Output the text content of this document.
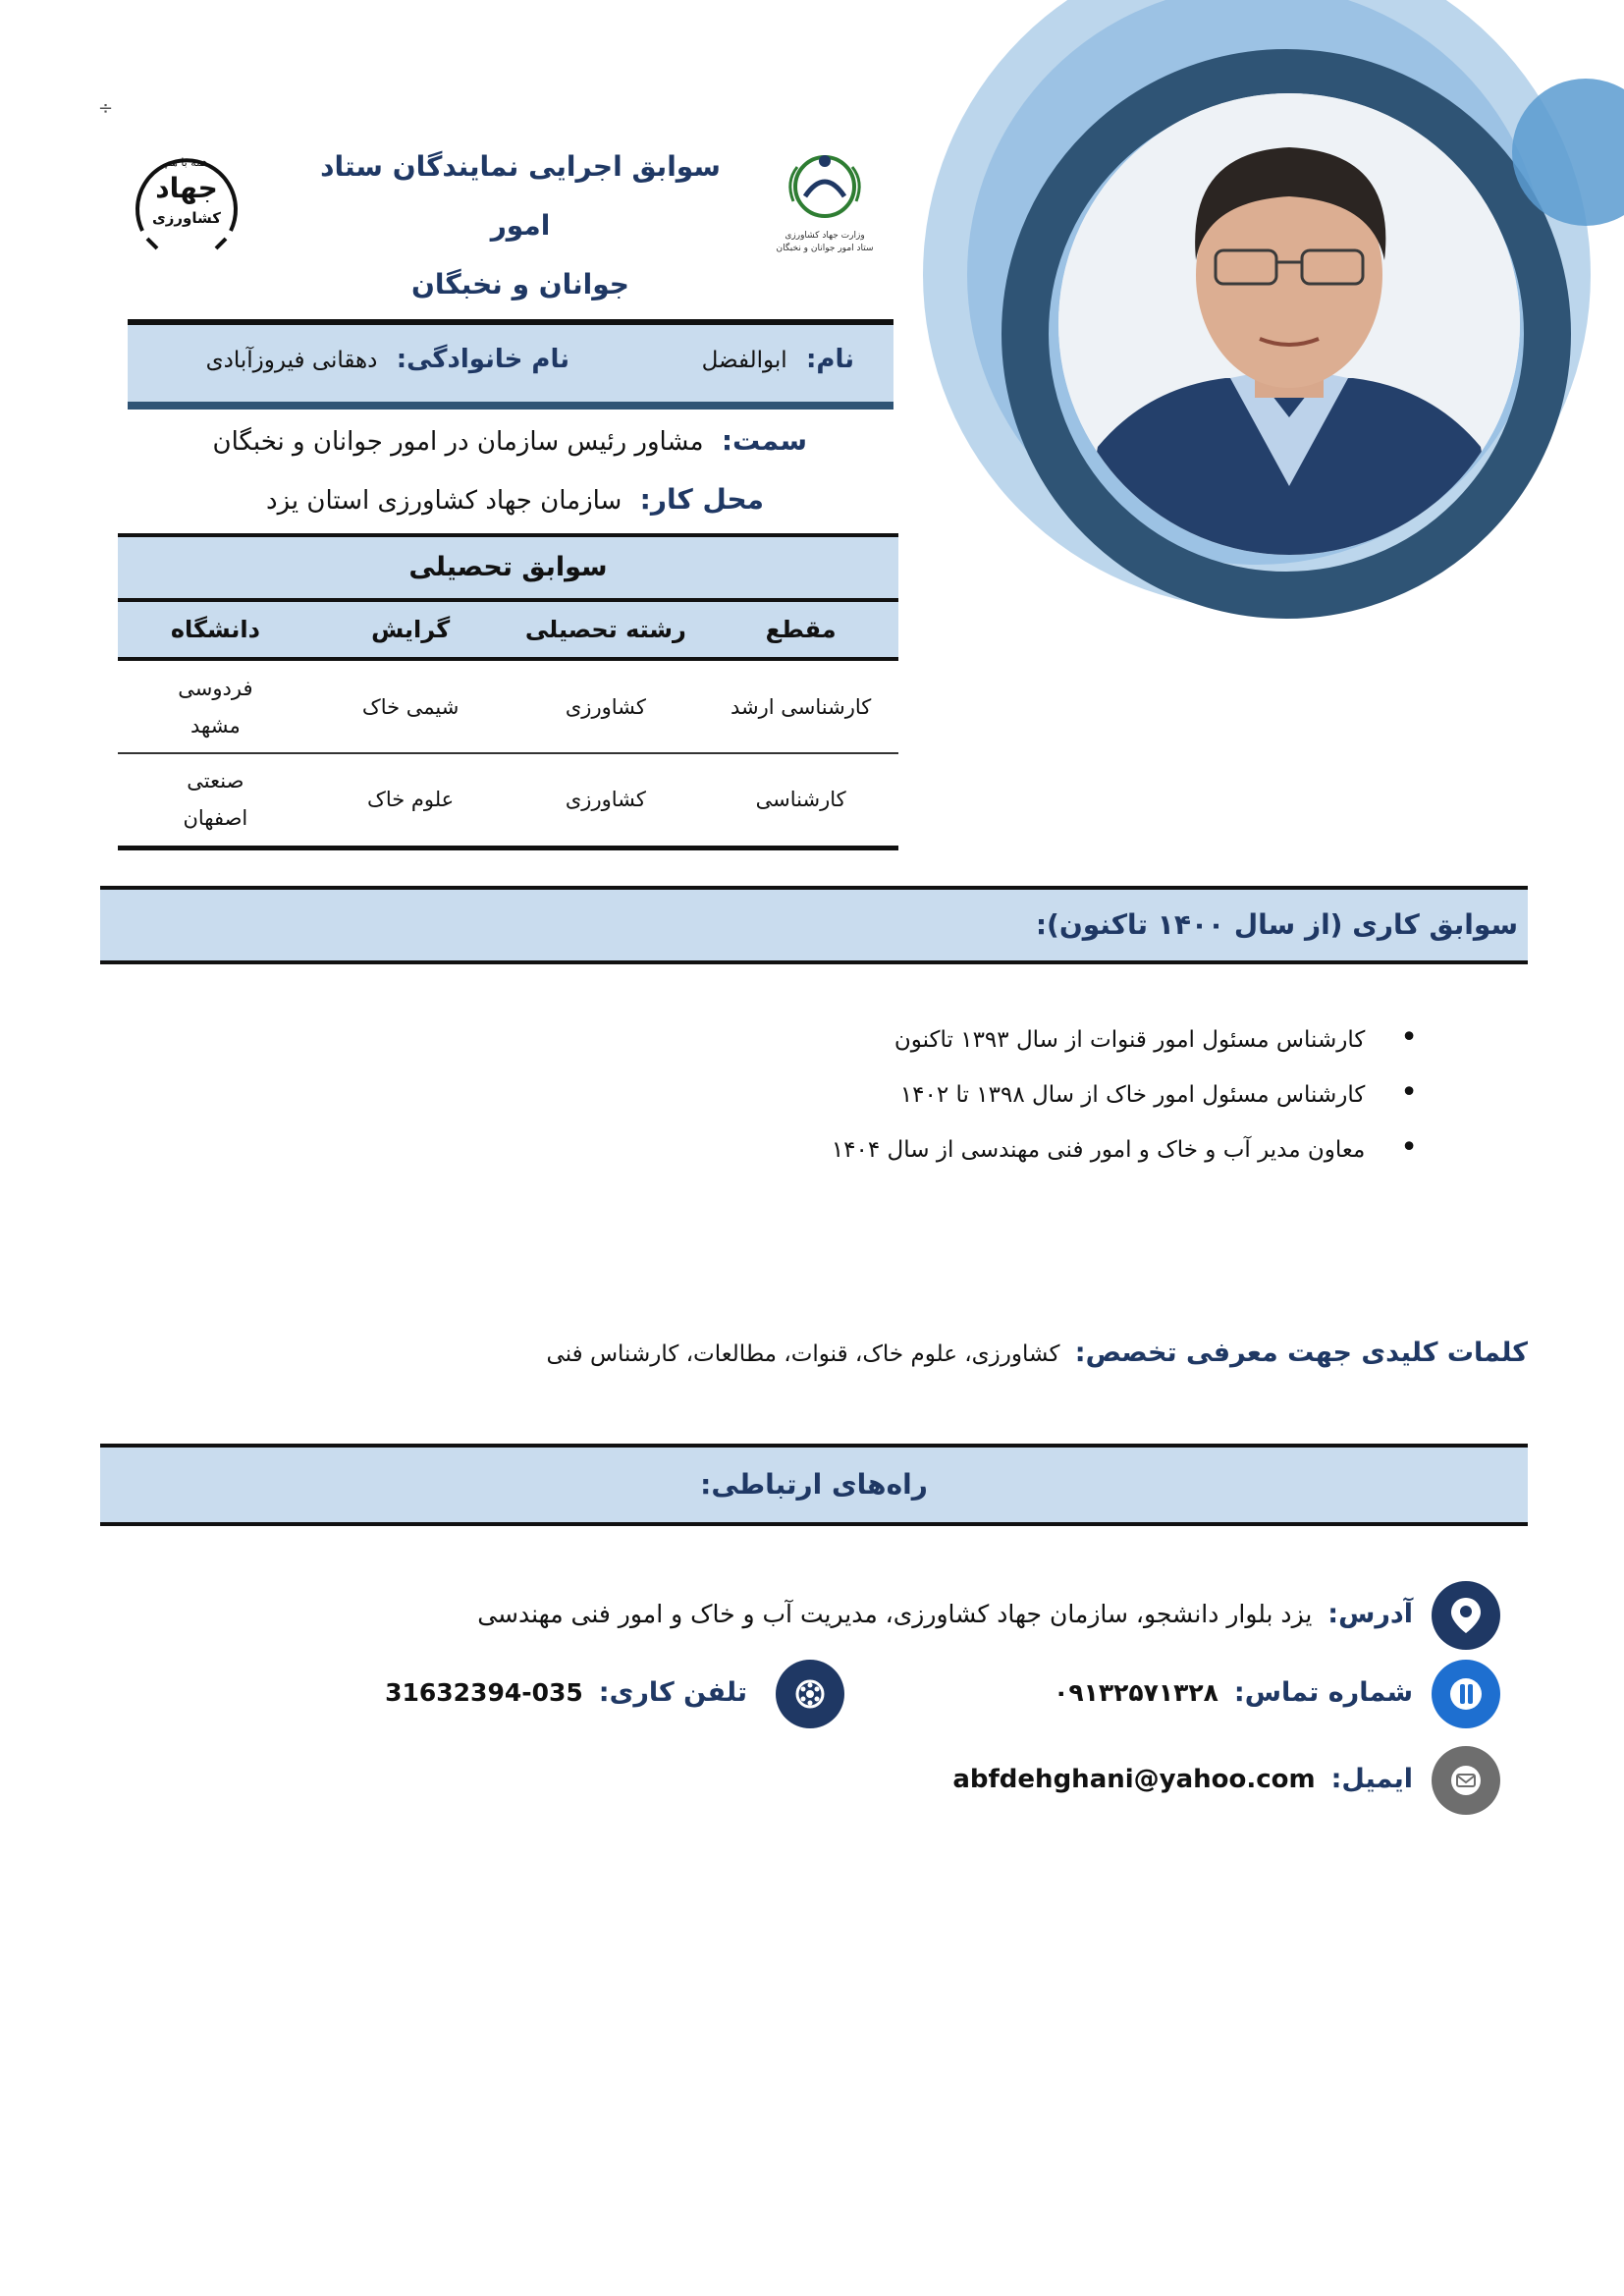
÷
همه با هم
جهاد
کشاورزی
سوابق اجرایی نمایندگان ستاد امور
جوانان و نخبگان
وزارت جهاد کشاورزی
ستاد امور جوانان و نخبگان
نام: ابوالفضل
نام خانوادگی: دهقانی فیروزآبادی
سمت: مشاور رئیس سازمان در امور جوانان و نخبگان
محل کار: سازمان جهاد کشاورزی استان یزد
سوابق تحصیلی
مقطع	رشته تحصیلی	گرایش	دانشگاه
کارشناسی ارشد	کشاورزی	شیمی خاک	فردوسی مشهد
کارشناسی	کشاورزی	علوم خاک	صنعتی اصفهان
سوابق کاری (از سال ۱۴۰۰ تاکنون):
• کارشناس مسئول امور قنوات از سال ۱۳۹۳ تاکنون
• کارشناس مسئول امور خاک از سال ۱۳۹۸ تا ۱۴۰۲
• معاون مدیر آب و خاک و امور فنی مهندسی از سال ۱۴۰۴
کلمات کلیدی جهت معرفی تخصص: کشاورزی، علوم خاک، قنوات، مطالعات، کارشناس فنی
راه‌های ارتباطی:
آدرس: یزد بلوار دانشجو، سازمان جهاد کشاورزی، مدیریت آب و خاک و امور فنی مهندسی
شماره تماس: ۰۹۱۳۲۵۷۱۳۲۸
تلفن کاری: 035-31632394
ایمیل: abfdehghani@yahoo.com
